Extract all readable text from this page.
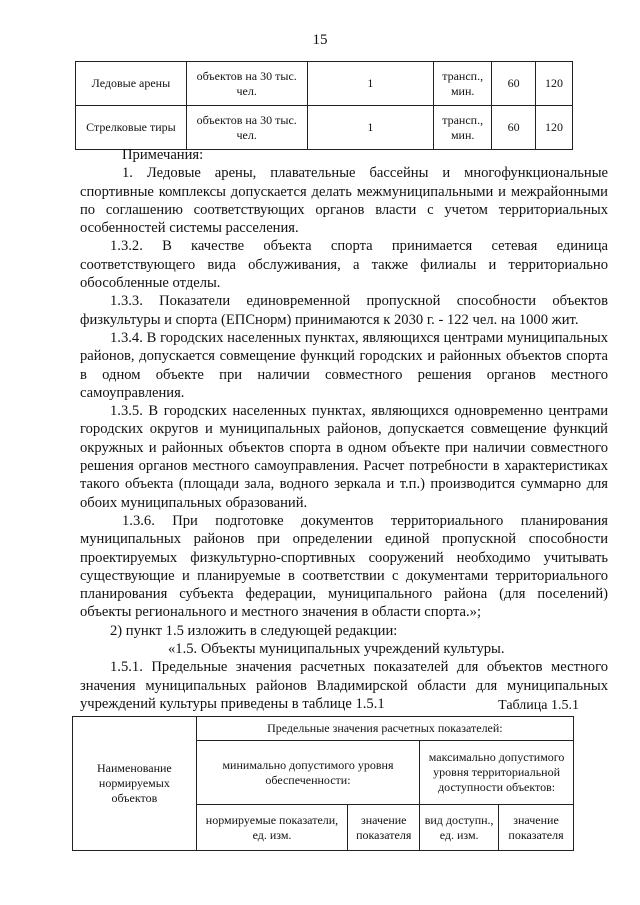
15
Ледовые арены	объектов на 30 тыс. чел.	1	трансп., мин.	60	120
Стрелковые тиры	объектов на 30 тыс. чел.	1	трансп., мин.	60	120

Примечания:

1. Ледовые арены, плавательные бассейны и многофункциональные спортивные комплексы допускается делать межмуниципальными и межрайонными по соглашению соответствующих органов власти с учетом территориальных особенностей системы расселения.

1.3.2. В качестве объекта спорта принимается сетевая единица соответствующего вида обслуживания, а также филиалы и территориально обособленные отделы.

1.3.3. Показатели единовременной пропускной способности объектов физкультуры и спорта (ЕПСнорм) принимаются к 2030 г. - 122 чел. на 1000 жит.

1.3.4. В городских населенных пунктах, являющихся центрами муниципальных районов, допускается совмещение функций городских и районных объектов спорта в одном объекте при наличии совместного решения органов местного самоуправления.

1.3.5. В городских населенных пунктах, являющихся одновременно центрами городских округов и муниципальных районов, допускается совмещение функций окружных и районных объектов спорта в одном объекте при наличии совместного решения органов местного самоуправления. Расчет потребности в характеристиках такого объекта (площади зала, водного зеркала и т.п.) производится суммарно для обоих муниципальных образований.

1.3.6. При подготовке документов территориального планирования муниципальных районов при определении единой пропускной способности проектируемых физкультурно-спортивных сооружений необходимо учитывать существующие и планируемые в соответствии с документами территориального планирования субъекта федерации, муниципального района (для поселений) объекты регионального и местного значения в области спорта.»;

2) пункт 1.5 изложить в следующей редакции:

«1.5. Объекты муниципальных учреждений культуры.

1.5.1. Предельные значения расчетных показателей для объектов местного значения муниципальных районов Владимирской области для муниципальных учреждений культуры приведены в таблице 1.5.1	Таблица 1.5.1
Наименование нормируемых объектов	Предельные значения расчетных показателей:			
	минимально допустимого уровня обеспеченности:		максимально допустимого уровня территориальной доступности объектов:	
	нормируемые показатели, ед. изм.	значение показателя	вид доступн., ед. изм.	значение показателя
